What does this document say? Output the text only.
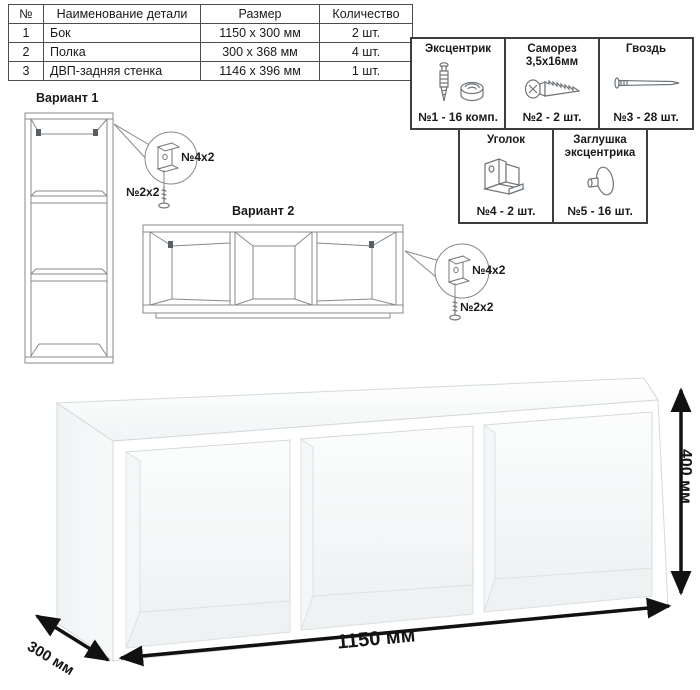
№	Наименование детали	Размер	Количество
1	Бок	1150 x 300 мм	2 шт.
2	Полка	300 x 368 мм	4 шт.
3	ДВП-задняя стенка	1146 x 396 мм	1 шт.
Эксцентрик
№1 - 16 комп.
Саморез 3,5х16мм
№2 - 2 шт.
Гвоздь
№3 - 28 шт.
Уголок
№4 - 2 шт.
Заглушка эксцентрика
№5 - 16 шт.
Вариант 1
Вариант 2
№4х2
№2х2
№4х2
№2х2
1150 мм
300 мм
400 мм
